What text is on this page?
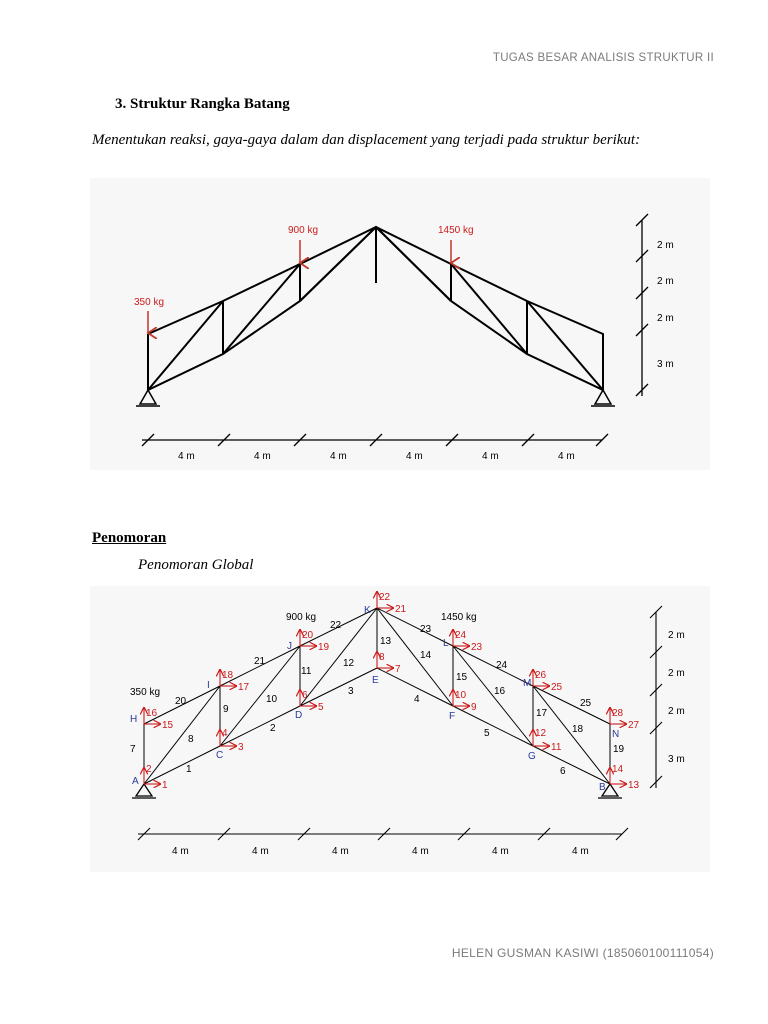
TUGAS BESAR ANALISIS STRUKTUR II
3. Struktur Rangka Batang
Menentukan reaksi, gaya-gaya dalam dan displacement yang terjadi pada struktur berikut:
350 kg
900 kg	1450 kg
2 m
2 m
2 m
3 m
4 m	4 m	4 m	4 m	4 m	4 m
Penomoran
Penomoran Global
350 kg
900 kg	1450 kg
1
2
3
4
5
6
7
8
9
10
11
12
13
14
15
16
17
18
19
20
21
22
23
24
25
26
27
28
A
B
C
D
E
F
G
H
I
J
K
L
M
N
1
2
3
4
5
6
7
8
9
10
11
12
13
14
15
16
17
18
19
20
21
22	23
24
25
2 m
2 m
2 m
3 m
4 m	4 m	4 m	4 m	4 m	4 m
HELEN GUSMAN KASIWI (185060100111054)
